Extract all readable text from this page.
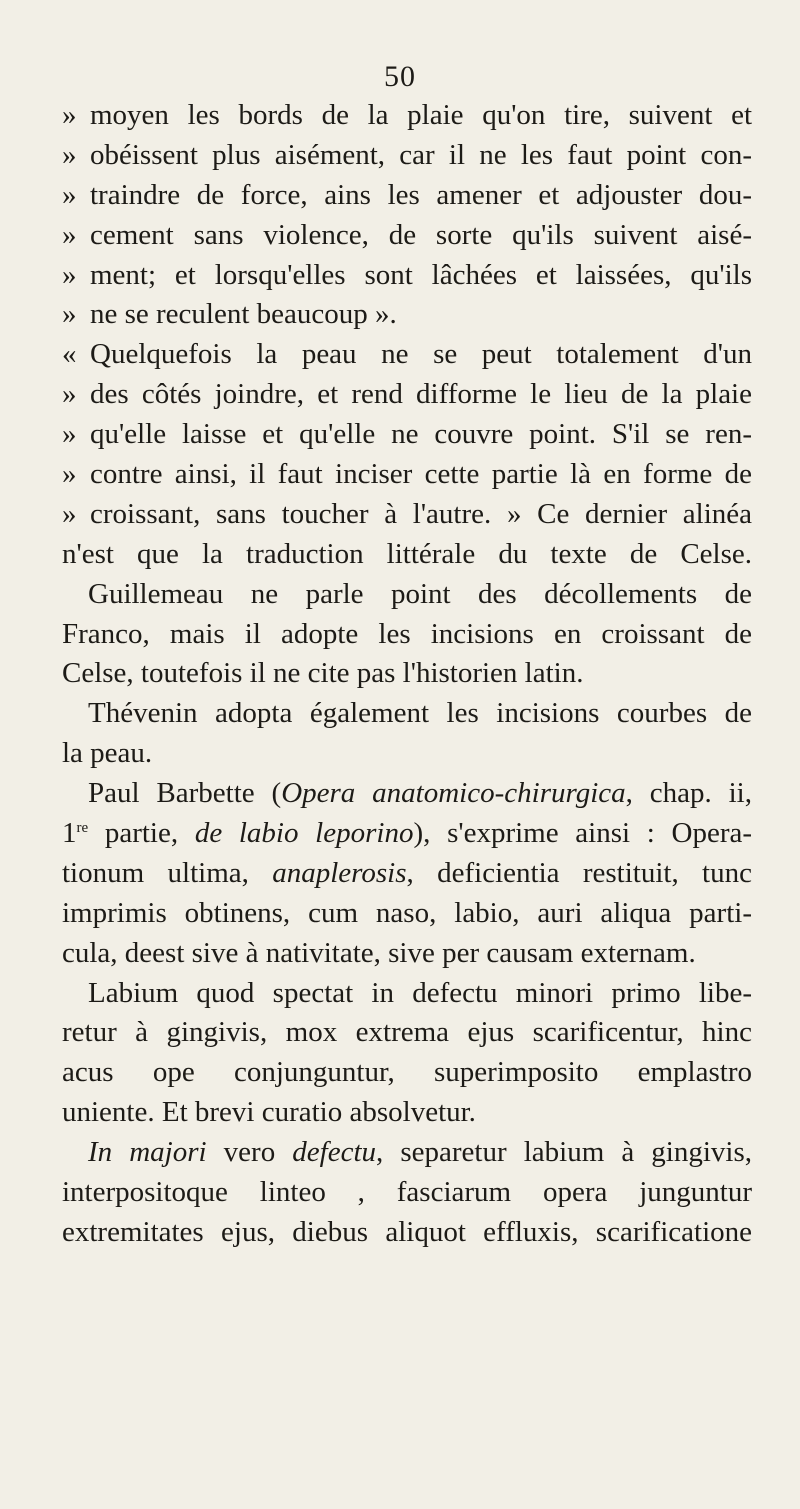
50
» moyen les bords de la plaie qu'on tire, suivent et
» obéissent plus aisément, car il ne les faut point con-
» traindre de force, ains les amener et adjouster dou-
» cement sans violence, de sorte qu'ils suivent aisé-
» ment; et lorsqu'elles sont lâchées et laissées, qu'ils
» ne se reculent beaucoup ».
« Quelquefois la peau ne se peut totalement d'un
» des côtés joindre, et rend difforme le lieu de la plaie
» qu'elle laisse et qu'elle ne couvre point. S'il se ren-
» contre ainsi, il faut inciser cette partie là en forme de
» croissant, sans toucher à l'autre. » Ce dernier alinéa
n'est que la traduction littérale du texte de Celse.
Guillemeau ne parle point des décollements de
Franco, mais il adopte les incisions en croissant de
Celse, toutefois il ne cite pas l'historien latin.
Thévenin adopta également les incisions courbes de
la peau.
Paul Barbette (Opera anatomico-chirurgica, chap. ii,
1re partie, de labio leporino), s'exprime ainsi : Opera-
tionum ultima, anaplerosis, deficientia restituit, tunc
imprimis obtinens, cum naso, labio, auri aliqua parti-
cula, deest sive à nativitate, sive per causam externam.
Labium quod spectat in defectu minori primo libe-
retur à gingivis, mox extrema ejus scarificentur, hinc
acus ope conjunguntur, superimposito emplastro
uniente. Et brevi curatio absolvetur.
In majori vero defectu, separetur labium à gingivis,
interpositoque linteo , fasciarum opera junguntur
extremitates ejus, diebus aliquot effluxis, scarificatione
